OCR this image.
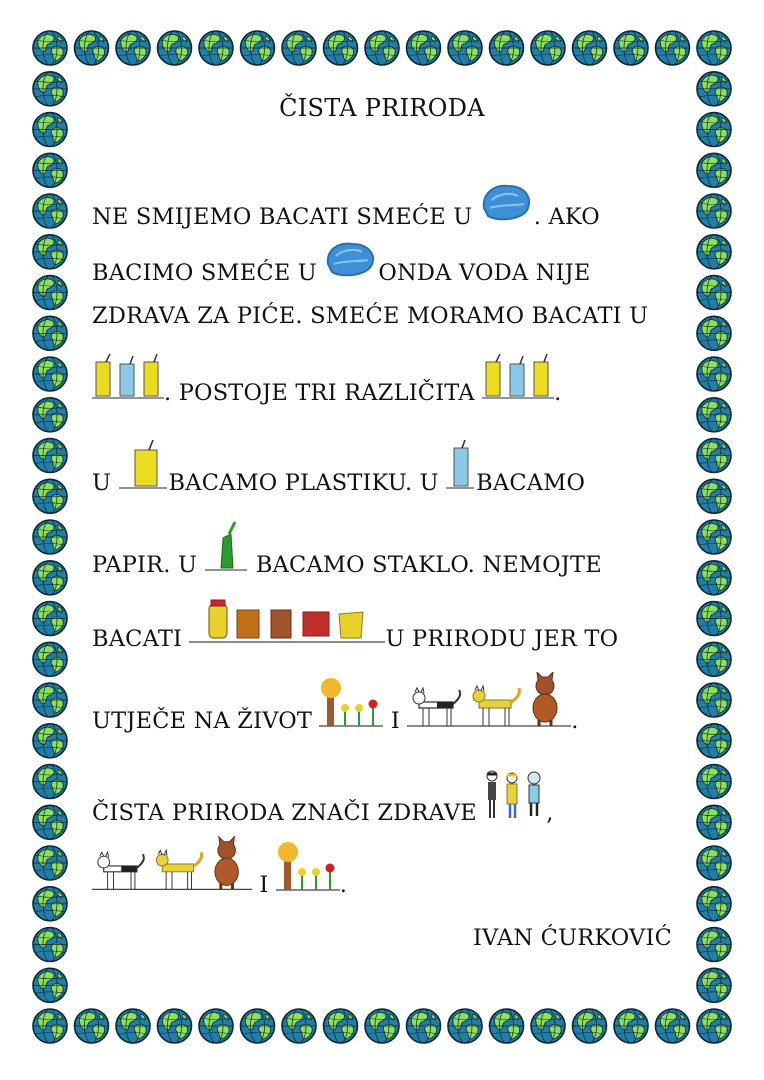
ČISTA PRIRODA
NE SMIJEMO BACATI SMEĆE U
. AKO
BACIMO SMEĆE U
ONDA VODA NIJE
ZDRAVA ZA PIĆE. SMEĆE MORAMO BACATI U
. POSTOJE TRI RAZLIČITA	.
U
BACAMO PLASTIKU. U
BACAMO
PAPIR. U
BACAMO STAKLO. NEMOJTE
BACATI	U PRIRODU JER TO
UTJEČE NA ŽIVOT	I	.
ČISTA PRIRODA ZNAČI ZDRAVE	,
I	.
IVAN ĆURKOVIĆ
